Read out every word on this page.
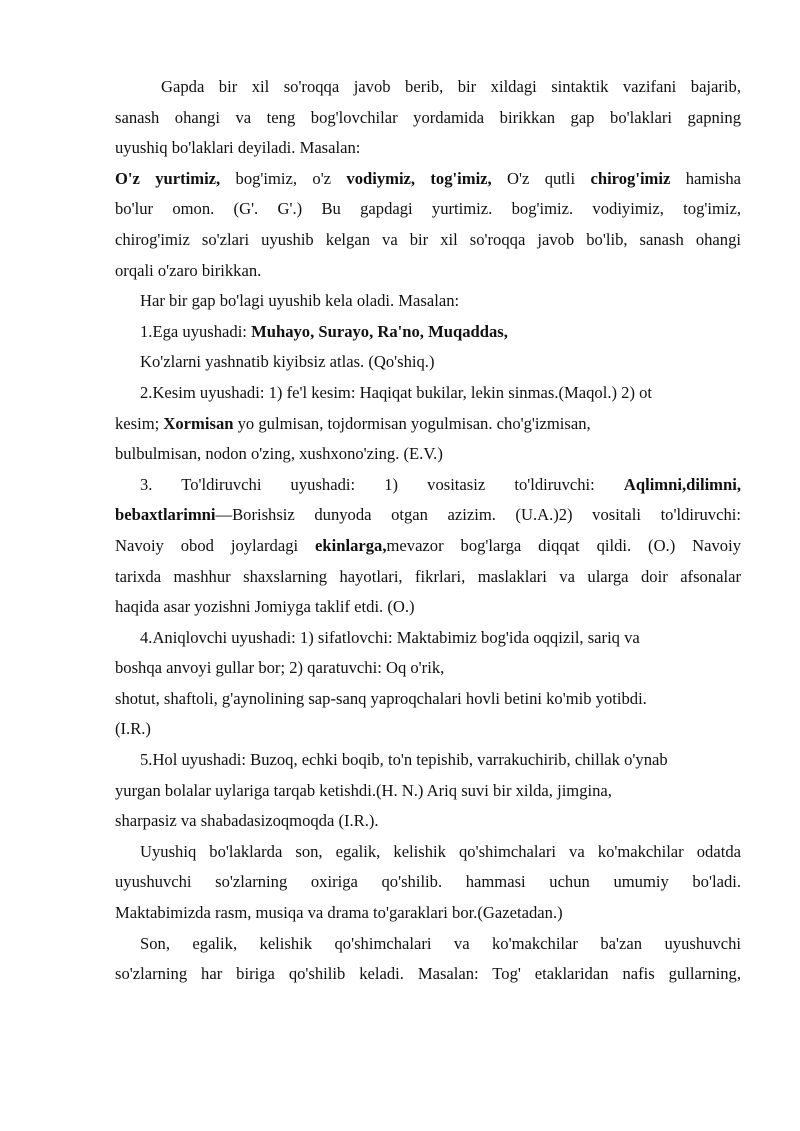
Gapda bir xil so'roqqa javob berib, bir xildagi sintaktik vazifani bajarib,
sanash ohangi va teng bog'lovchilar yordamida birikkan gap bo'laklari gapning
uyushiq bo'laklari deyiladi. Masalan:
O'z yurtimiz, bog'imiz, o'z vodiymiz, tog'imiz, O'z qutli chirog'imiz hamisha
bo'lur omon. (G'. G'.) Bu gapdagi yurtimiz. bog'imiz. vodiyimiz, tog'imiz,
chirog'imiz so'zlari uyushib kelgan va bir xil so'roqqa javob bo'lib, sanash ohangi
orqali o'zaro birikkan.
Har bir gap bo'lagi uyushib kela oladi. Masalan:
1.Ega uyushadi: Muhayo, Surayo, Ra'no, Muqaddas,
Ko'zlarni yashnatib kiyibsiz atlas. (Qo'shiq.)
2.Kesim uyushadi: 1) fe'l kesim: Haqiqat bukilar, lekin sinmas.(Maqol.) 2) ot
kesim; Xormisan yo gulmisan, tojdormisan yogulmisan. cho'g'izmisan,
bulbulmisan, nodon o'zing, xushxono'zing. (E.V.)
3. To'ldiruvchi uyushadi: 1) vositasiz to'ldiruvchi: Aqlimni,dilimni,
bebaxtlarimni—Borishsiz dunyoda otgan azizim. (U.A.)2) vositali to'ldiruvchi:
Navoiy obod joylardagi ekinlarga,mevazor bog'larga diqqat qildi. (O.) Navoiy
tarixda mashhur shaxslarning hayotlari, fikrlari, maslaklari va ularga doir afsonalar
haqida asar yozishni Jomiyga taklif etdi. (O.)
4.Aniqlovchi uyushadi: 1) sifatlovchi: Maktabimiz bog'ida oqqizil, sariq va
boshqa anvoyi gullar bor; 2) qaratuvchi: Oq o'rik,
shotut, shaftoli, g'aynolining sap-sanq yaproqchalari hovli betini ko'mib yotibdi.
(I.R.)
5.Hol uyushadi: Buzoq, echki boqib, to'n tepishib, varrakuchirib, chillak o'ynab
yurgan bolalar uylariga tarqab ketishdi.(H. N.) Ariq suvi bir xilda, jimgina,
sharpasiz va shabadasizoqmoqda (I.R.).
Uyushiq bo'laklarda son, egalik, kelishik qo'shimchalari va ko'makchilar odatda
uyushuvchi so'zlarning oxiriga qo'shilib. hammasi uchun umumiy bo'ladi.
Maktabimizda rasm, musiqa va drama to'garaklari bor.(Gazetadan.)
Son, egalik, kelishik qo'shimchalari va ko'makchilar ba'zan uyushuvchi
so'zlarning har biriga qo'shilib keladi. Masalan: Tog' etaklaridan nafis gullarning,
